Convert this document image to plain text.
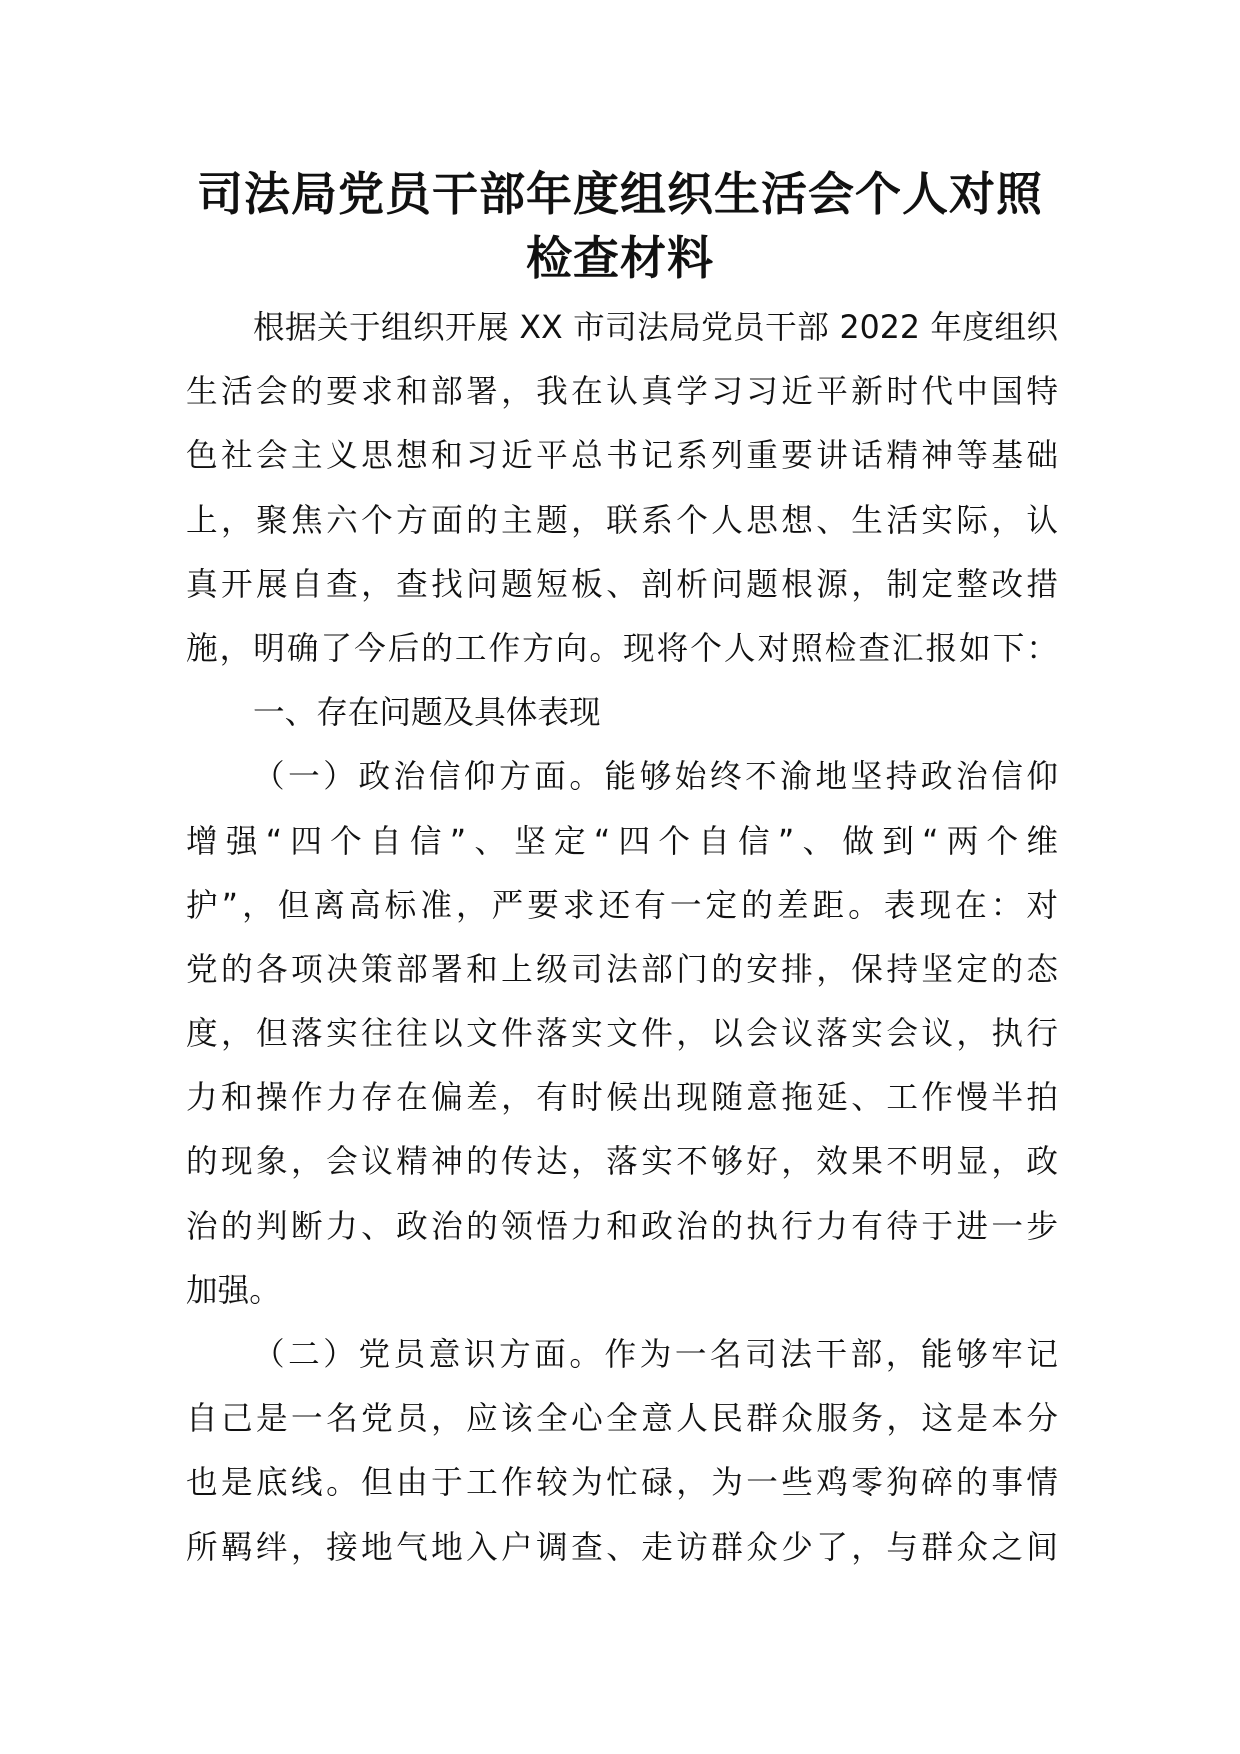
司法局党员干部年度组织生活会个人对照
检查材料
根据关于组织开展 XX 市司法局党员干部 2022 年度组织
生活会的要求和部署，我在认真学习习近平新时代中国特
色社会主义思想和习近平总书记系列重要讲话精神等基础
上，聚焦六个方面的主题，联系个人思想、生活实际，认
真开展自查，查找问题短板、剖析问题根源，制定整改措
施，明确了今后的工作方向。现将个人对照检查汇报如下：
一、存在问题及具体表现
（一）政治信仰方面。能够始终不渝地坚持政治信仰
增强“四个自信”、坚定“四个自信”、做到“两个维
护”，但离高标准，严要求还有一定的差距。表现在：对
党的各项决策部署和上级司法部门的安排，保持坚定的态
度，但落实往往以文件落实文件，以会议落实会议，执行
力和操作力存在偏差，有时候出现随意拖延、工作慢半拍
的现象，会议精神的传达，落实不够好，效果不明显，政
治的判断力、政治的领悟力和政治的执行力有待于进一步
加强。
（二）党员意识方面。作为一名司法干部，能够牢记
自己是一名党员，应该全心全意人民群众服务，这是本分
也是底线。但由于工作较为忙碌，为一些鸡零狗碎的事情
所羁绊，接地气地入户调查、走访群众少了，与群众之间
